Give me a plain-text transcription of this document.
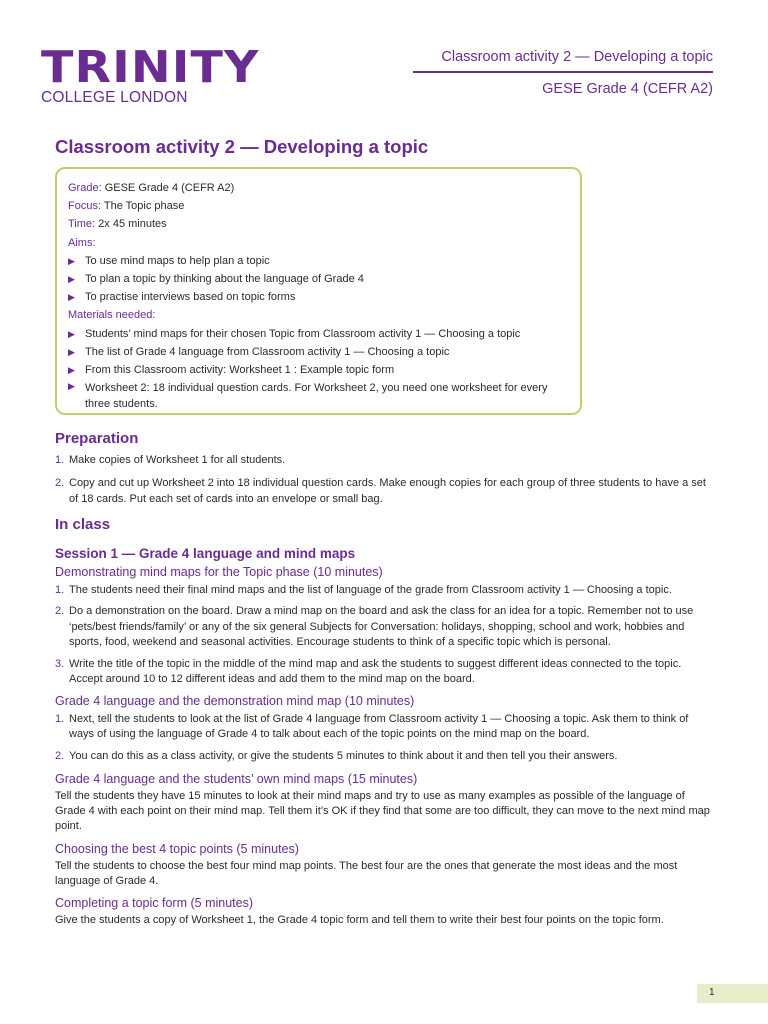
TRINITY
COLLEGE LONDON
Classroom activity 2 — Developing a topic
GESE Grade 4 (CEFR A2)
Classroom activity 2 — Developing a topic
Grade: GESE Grade 4 (CEFR A2)
Focus: The Topic phase
Time: 2x 45 minutes
Aims:
▶ To use mind maps to help plan a topic
▶ To plan a topic by thinking about the language of Grade 4
▶ To practise interviews based on topic forms
Materials needed:
▶ Students’ mind maps for their chosen Topic from Classroom activity 1 — Choosing a topic
▶ The list of Grade 4 language from Classroom activity 1 — Choosing a topic
▶ From this Classroom activity: Worksheet 1 : Example topic form
▶ Worksheet 2: 18 individual question cards. For Worksheet 2, you need one worksheet for every three students.
Preparation
1. Make copies of Worksheet 1 for all students.
2. Copy and cut up Worksheet 2 into 18 individual question cards. Make enough copies for each group of three students to have a set of 18 cards. Put each set of cards into an envelope or small bag.
In class
Session 1 — Grade 4 language and mind maps
Demonstrating mind maps for the Topic phase (10 minutes)
1. The students need their final mind maps and the list of language of the grade from Classroom activity 1 — Choosing a topic.
2. Do a demonstration on the board. Draw a mind map on the board and ask the class for an idea for a topic. Remember not to use ‘pets/best friends/family’ or any of the six general Subjects for Conversation: holidays, shopping, school and work, hobbies and sports, food, weekend and seasonal activities. Encourage students to think of a specific topic which is personal.
3. Write the title of the topic in the middle of the mind map and ask the students to suggest different ideas connected to the topic. Accept around 10 to 12 different ideas and add them to the mind map on the board.
Grade 4 language and the demonstration mind map (10 minutes)
1. Next, tell the students to look at the list of Grade 4 language from Classroom activity 1 — Choosing a topic. Ask them to think of ways of using the language of Grade 4 to talk about each of the topic points on the mind map on the board.
2. You can do this as a class activity, or give the students 5 minutes to think about it and then tell you their answers.
Grade 4 language and the students’ own mind maps (15 minutes)
Tell the students they have 15 minutes to look at their mind maps and try to use as many examples as possible of the language of Grade 4 with each point on their mind map. Tell them it’s OK if they find that some are too difficult, they can move to the next mind map point.
Choosing the best 4 topic points (5 minutes)
Tell the students to choose the best four mind map points. The best four are the ones that generate the most ideas and the most language of Grade 4.
Completing a topic form (5 minutes)
Give the students a copy of Worksheet 1, the Grade 4 topic form and tell them to write their best four points on the topic form.
1
